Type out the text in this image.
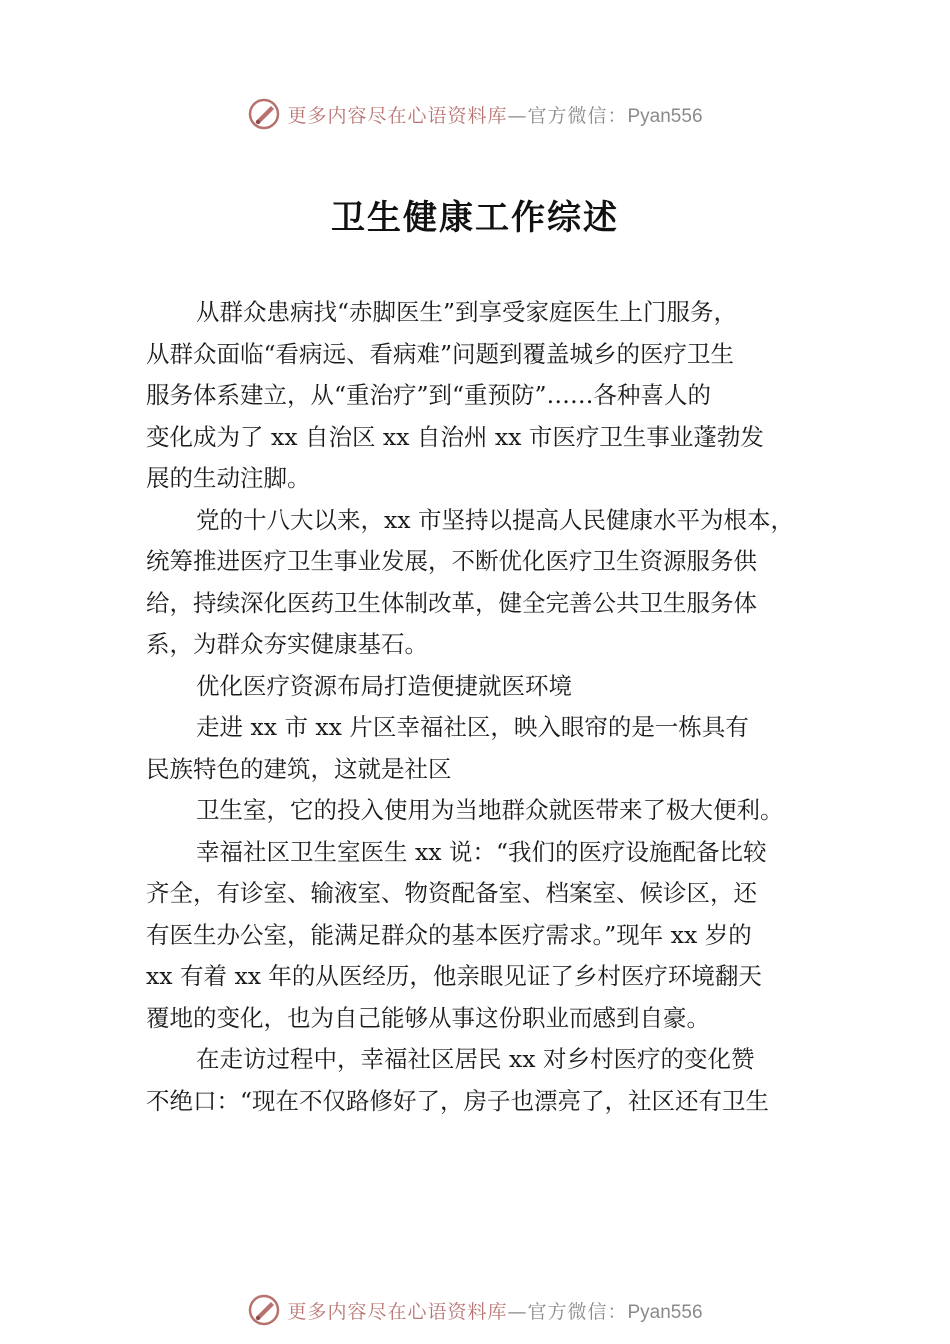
更多内容尽在心语资料库—官方微信：Pyan556
卫生健康工作综述

从群众患病找“赤脚医生”到享受家庭医生上门服务，

从群众面临“看病远、看病难”问题到覆盖城乡的医疗卫生

服务体系建立，从“重治疗”到“重预防”……各种喜人的

变化成为了 xx 自治区 xx 自治州 xx 市医疗卫生事业蓬勃发

展的生动注脚。

党的十八大以来，xx 市坚持以提高人民健康水平为根本，

统筹推进医疗卫生事业发展，不断优化医疗卫生资源服务供

给，持续深化医药卫生体制改革，健全完善公共卫生服务体

系，为群众夯实健康基石。

优化医疗资源布局打造便捷就医环境

走进 xx 市 xx 片区幸福社区，映入眼帘的是一栋具有

民族特色的建筑，这就是社区

卫生室，它的投入使用为当地群众就医带来了极大便利。

幸福社区卫生室医生 xx 说：“我们的医疗设施配备比较

齐全，有诊室、输液室、物资配备室、档案室、候诊区，还

有医生办公室，能满足群众的基本医疗需求。”现年 xx 岁的

xx 有着 xx 年的从医经历，他亲眼见证了乡村医疗环境翻天

覆地的变化，也为自己能够从事这份职业而感到自豪。

在走访过程中，幸福社区居民 xx 对乡村医疗的变化赞

不绝口：“现在不仅路修好了，房子也漂亮了，社区还有卫生

更多内容尽在心语资料库—官方微信：Pyan556
